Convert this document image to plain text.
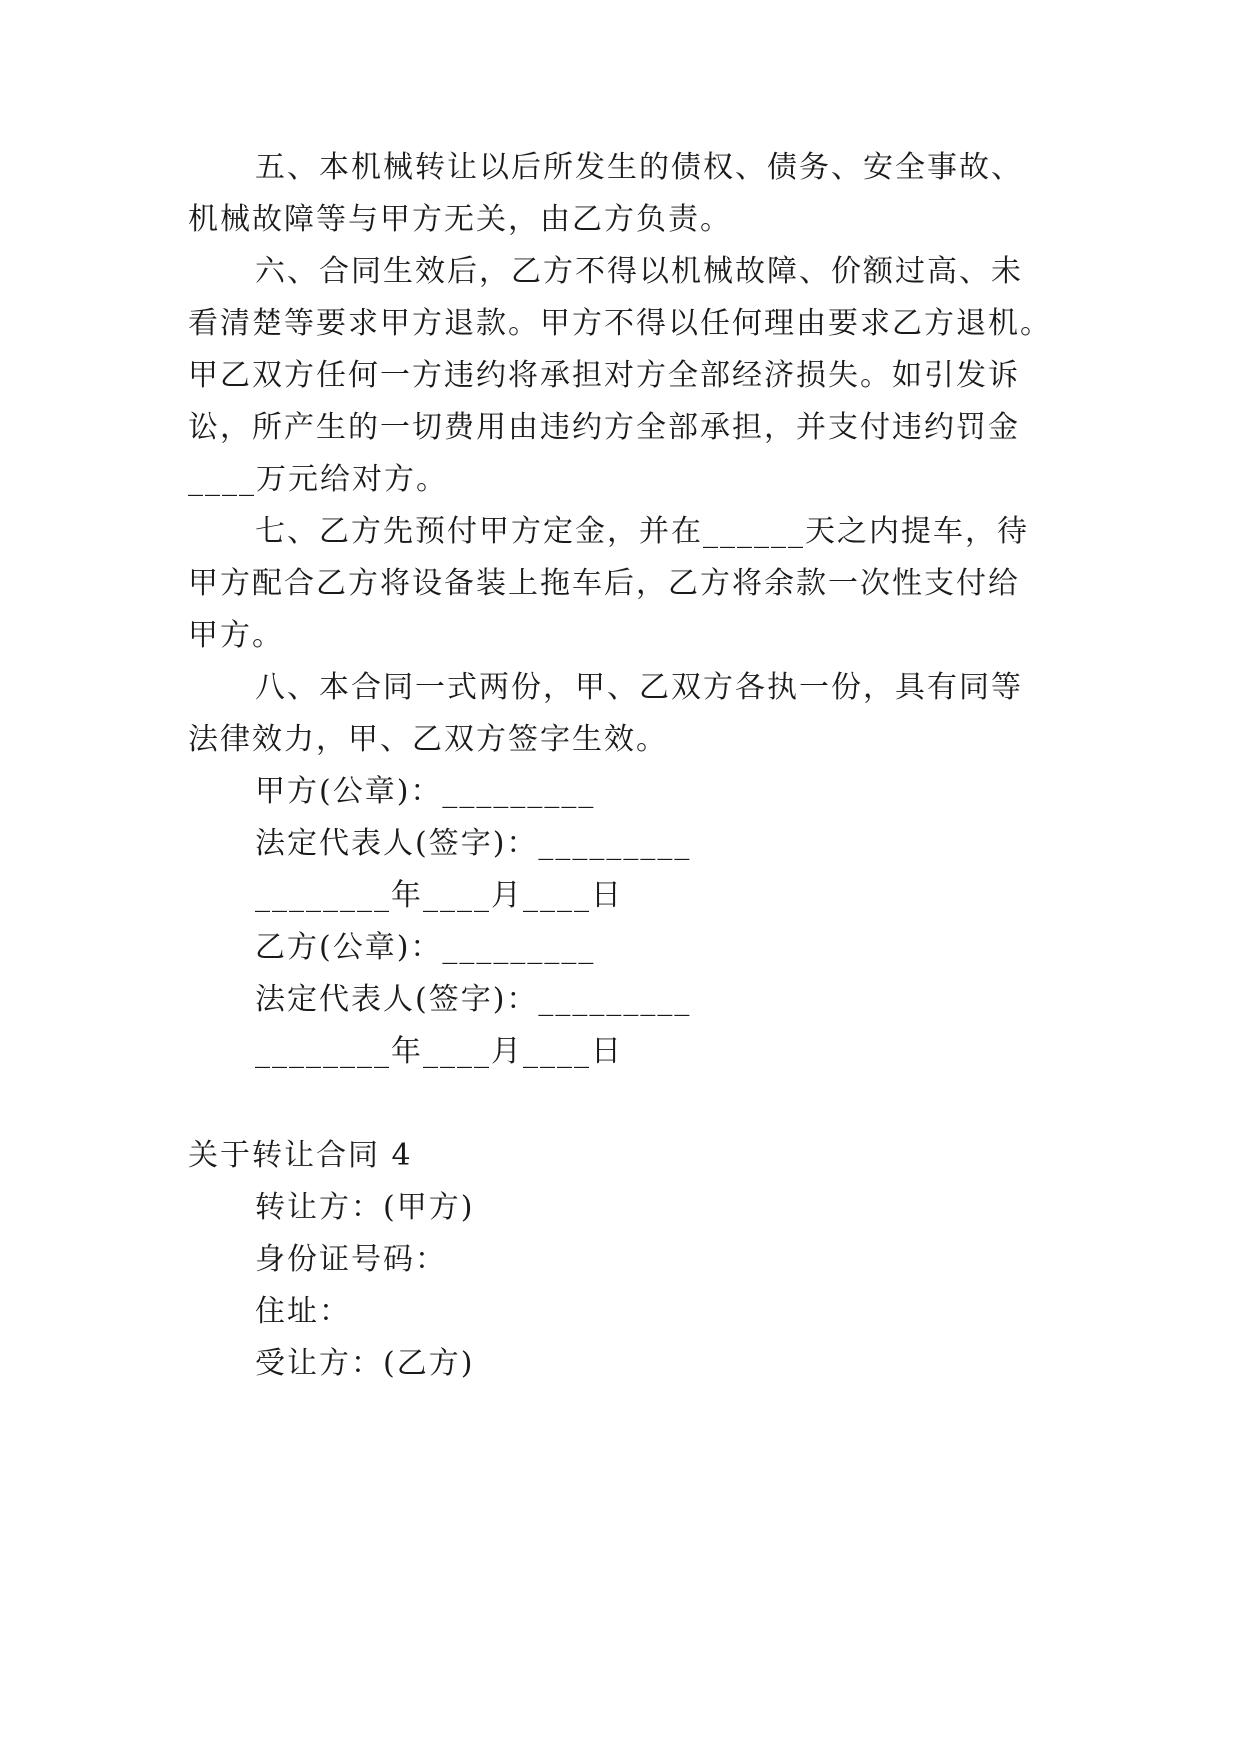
五、本机械转让以后所发生的债权、债务、安全事故、
机械故障等与甲方无关，由乙方负责。
六、合同生效后，乙方不得以机械故障、价额过高、未
看清楚等要求甲方退款。甲方不得以任何理由要求乙方退机。
甲乙双方任何一方违约将承担对方全部经济损失。如引发诉
讼，所产生的一切费用由违约方全部承担，并支付违约罚金
____万元给对方。
七、乙方先预付甲方定金，并在______天之内提车，待
甲方配合乙方将设备装上拖车后，乙方将余款一次性支付给
甲方。
八、本合同一式两份，甲、乙双方各执一份，具有同等
法律效力，甲、乙双方签字生效。
甲方(公章)：_________
法定代表人(签字)：_________
________年____月____日
乙方(公章)：_________
法定代表人(签字)：_________
________年____月____日
关于转让合同 4
转让方：(甲方)
身份证号码：
住址：
受让方：(乙方)
